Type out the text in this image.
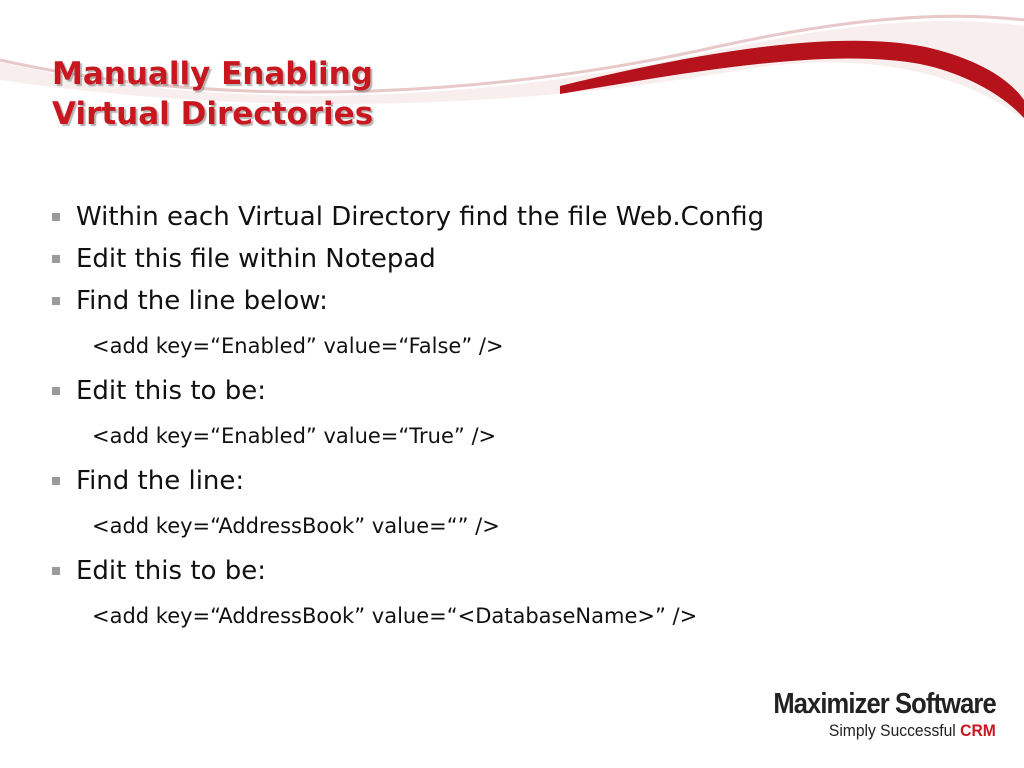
Manually Enabling
Virtual Directories
Within each Virtual Directory find the file Web.Config
Edit this file within Notepad
Find the line below:
<add key=“Enabled” value=“False” />
Edit this to be:
<add key=“Enabled” value=“True” />
Find the line:
<add key=“AddressBook” value=“” />
Edit this to be:
<add key=“AddressBook” value=“<DatabaseName>” />
Maximizer Software
Simply Successful CRM
